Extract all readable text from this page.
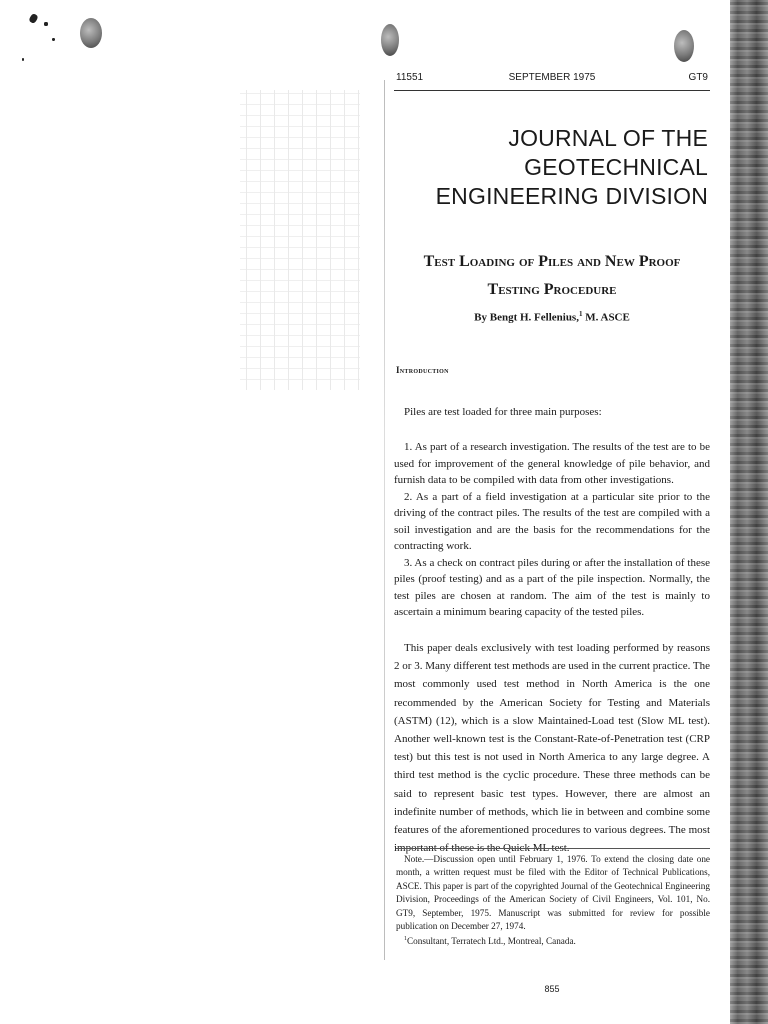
11551	SEPTEMBER 1975	GT9
JOURNAL OF THE
GEOTECHNICAL
ENGINEERING DIVISION
Test Loading of Piles and New Proof
Testing Procedure
By Bengt H. Fellenius,$^1$ M. ASCE
Introduction

Piles are test loaded for three main purposes:

1. As part of a research investigation. The results of the test are to be used for improvement of the general knowledge of pile behavior, and furnish data to be compiled with data from other investigations.

2. As a part of a field investigation at a particular site prior to the driving of the contract piles. The results of the test are compiled with a soil investigation and are the basis for the recommendations for the contracting work.

3. As a check on contract piles during or after the installation of these piles (proof testing) and as a part of the pile inspection. Normally, the test piles are chosen at random. The aim of the test is mainly to ascertain a minimum bearing capacity of the tested piles.

This paper deals exclusively with test loading performed by reasons 2 or 3. Many different test methods are used in the current practice. The most commonly used test method in North America is the one recommended by the American Society for Testing and Materials (ASTM) (12), which is a slow Maintained-Load test (Slow ML test). Another well-known test is the Constant-Rate-of-Penetration test (CRP test) but this test is not used in North America to any large degree. A third test method is the cyclic procedure. These three methods can be said to represent basic test types. However, there are almost an indefinite number of methods, which lie in between and combine some features of the aforementioned procedures to various degrees. The most important of these is the Quick ML test.

Note.—Discussion open until February 1, 1976. To extend the closing date one month, a written request must be filed with the Editor of Technical Publications, ASCE. This paper is part of the copyrighted Journal of the Geotechnical Engineering Division, Proceedings of the American Society of Civil Engineers, Vol. 101, No. GT9, September, 1975. Manuscript was submitted for review for possible publication on December 27, 1974.

$^1$Consultant, Terratech Ltd., Montreal, Canada.

855
